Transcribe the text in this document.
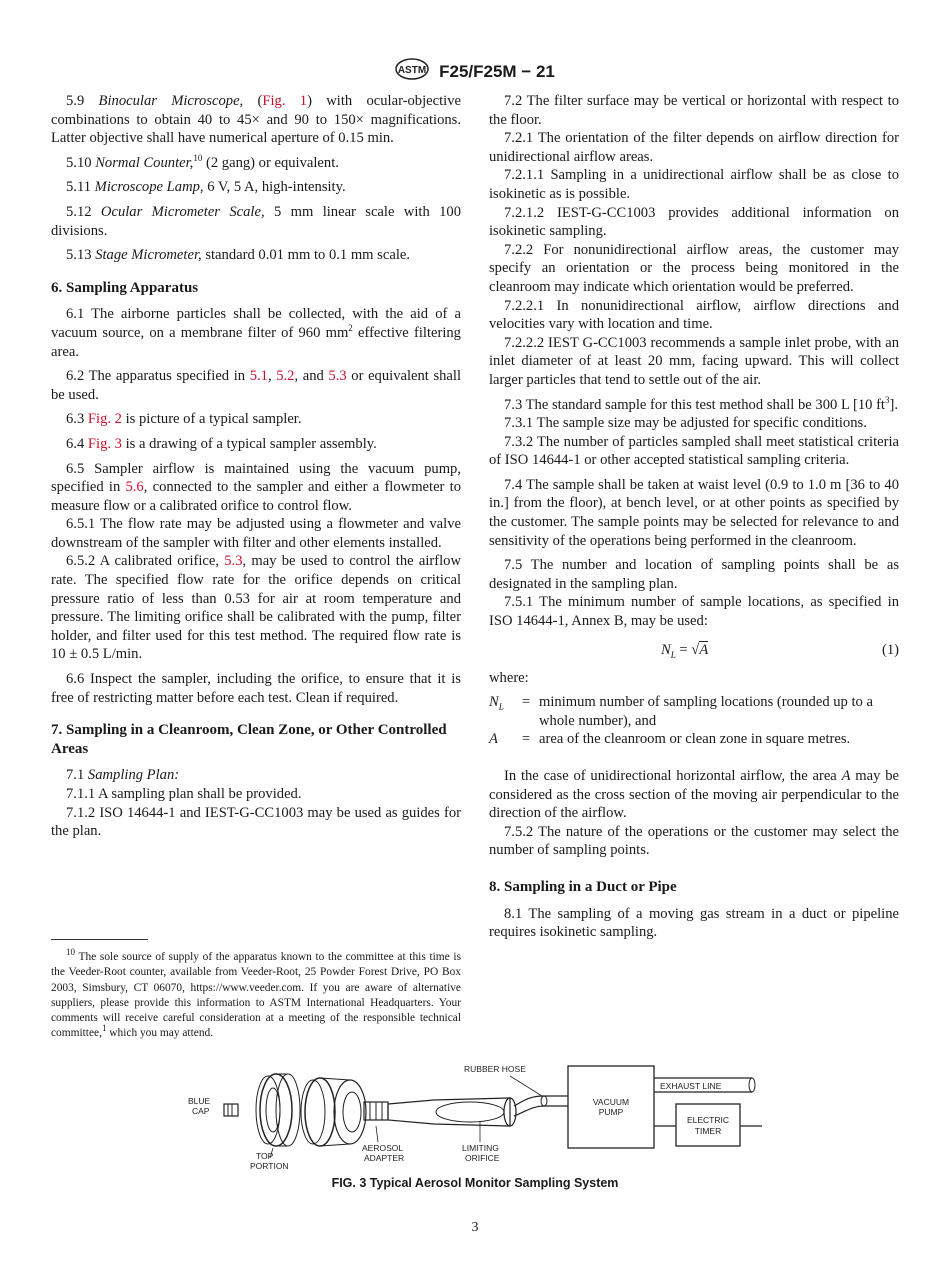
ASTM F25/F25M − 21

5.9 Binocular Microscope, (Fig. 1) with ocular-objective combinations to obtain 40 to 45× and 90 to 150× magnifications. Latter objective shall have numerical aperture of 0.15 min.

5.10 Normal Counter,$^{10}$ (2 gang) or equivalent.

5.11 Microscope Lamp, 6 V, 5 A, high-intensity.

5.12 Ocular Micrometer Scale, 5 mm linear scale with 100 divisions.

5.13 Stage Micrometer, standard 0.01 mm to 0.1 mm scale.

6. Sampling Apparatus

6.1 The airborne particles shall be collected, with the aid of a vacuum source, on a membrane filter of 960 $mm^2$ effective filtering area.

6.2 The apparatus specified in 5.1, 5.2, and 5.3 or equivalent shall be used.

6.3 Fig. 2 is picture of a typical sampler.

6.4 Fig. 3 is a drawing of a typical sampler assembly.

6.5 Sampler airflow is maintained using the vacuum pump, specified in 5.6, connected to the sampler and either a flowmeter to measure flow or a calibrated orifice to control flow.

6.5.1 The flow rate may be adjusted using a flowmeter and valve downstream of the sampler with filter and other elements installed.

6.5.2 A calibrated orifice, 5.3, may be used to control the airflow rate. The specified flow rate for the orifice depends on critical pressure ratio of less than 0.53 for air at room temperature and pressure. The limiting orifice shall be calibrated with the pump, filter holder, and filter used for this test method. The required flow rate is 10 ± 0.5 L/min.

6.6 Inspect the sampler, including the orifice, to ensure that it is free of restricting matter before each test. Clean if required.

7. Sampling in a Cleanroom, Clean Zone, or Other Controlled Areas

7.1 Sampling Plan:

7.1.1 A sampling plan shall be provided.

7.1.2 ISO 14644-1 and IEST-G-CC1003 may be used as guides for the plan.

$^{10}$ The sole source of supply of the apparatus known to the committee at this time is the Veeder-Root counter, available from Veeder-Root, 25 Powder Forest Drive, PO Box 2003, Simsbury, CT 06070, https://www.veeder.com. If you are aware of alternative suppliers, please provide this information to ASTM International Headquarters. Your comments will receive careful consideration at a meeting of the responsible technical committee,$^1$ which you may attend.

7.2 The filter surface may be vertical or horizontal with respect to the floor.

7.2.1 The orientation of the filter depends on airflow direction for unidirectional airflow areas.

7.2.1.1 Sampling in a unidirectional airflow shall be as close to isokinetic as is possible.

7.2.1.2 IEST-G-CC1003 provides additional information on isokinetic sampling.

7.2.2 For nonunidirectional airflow areas, the customer may specify an orientation or the process being monitored in the cleanroom may indicate which orientation would be preferred.

7.2.2.1 In nonunidirectional airflow, airflow directions and velocities vary with location and time.

7.2.2.2 IEST G-CC1003 recommends a sample inlet probe, with an inlet diameter of at least 20 mm, facing upward. This will collect larger particles that tend to settle out of the air.

7.3 The standard sample for this test method shall be 300 L [10 $ft^3$].

7.3.1 The sample size may be adjusted for specific conditions.

7.3.2 The number of particles sampled shall meet statistical criteria of ISO 14644-1 or other accepted statistical sampling criteria.

7.4 The sample shall be taken at waist level (0.9 to 1.0 m [36 to 40 in.] from the floor), at bench level, or at other points as specified by the customer. The sample points may be selected for relevance to and sensitivity of the operations being performed in the cleanroom.

7.5 The number and location of sampling points shall be as designated in the sampling plan.

7.5.1 The minimum number of sample locations, as specified in ISO 14644-1, Annex B, may be used:

$N_L = √A$	(1)
where:
$N_L$	= minimum number of sampling locations (rounded up to a whole number), and
A	= area of the cleanroom or clean zone in square metres.

In the case of unidirectional horizontal airflow, the area A may be considered as the cross section of the moving air perpendicular to the direction of the airflow.

7.5.2 The nature of the operations or the customer may select the number of sampling points.

8. Sampling in a Duct or Pipe

8.1 The sampling of a moving gas stream in a duct or pipeline requires isokinetic sampling.

BLUE
CAP
TOP
PORTION
AEROSOL
ADAPTER
LIMITING
ORIFICE
RUBBER HOSE
VACUUM
PUMP
EXHAUST LINE
ELECTRIC
TIMER
FIG. 3 Typical Aerosol Monitor Sampling System
3
